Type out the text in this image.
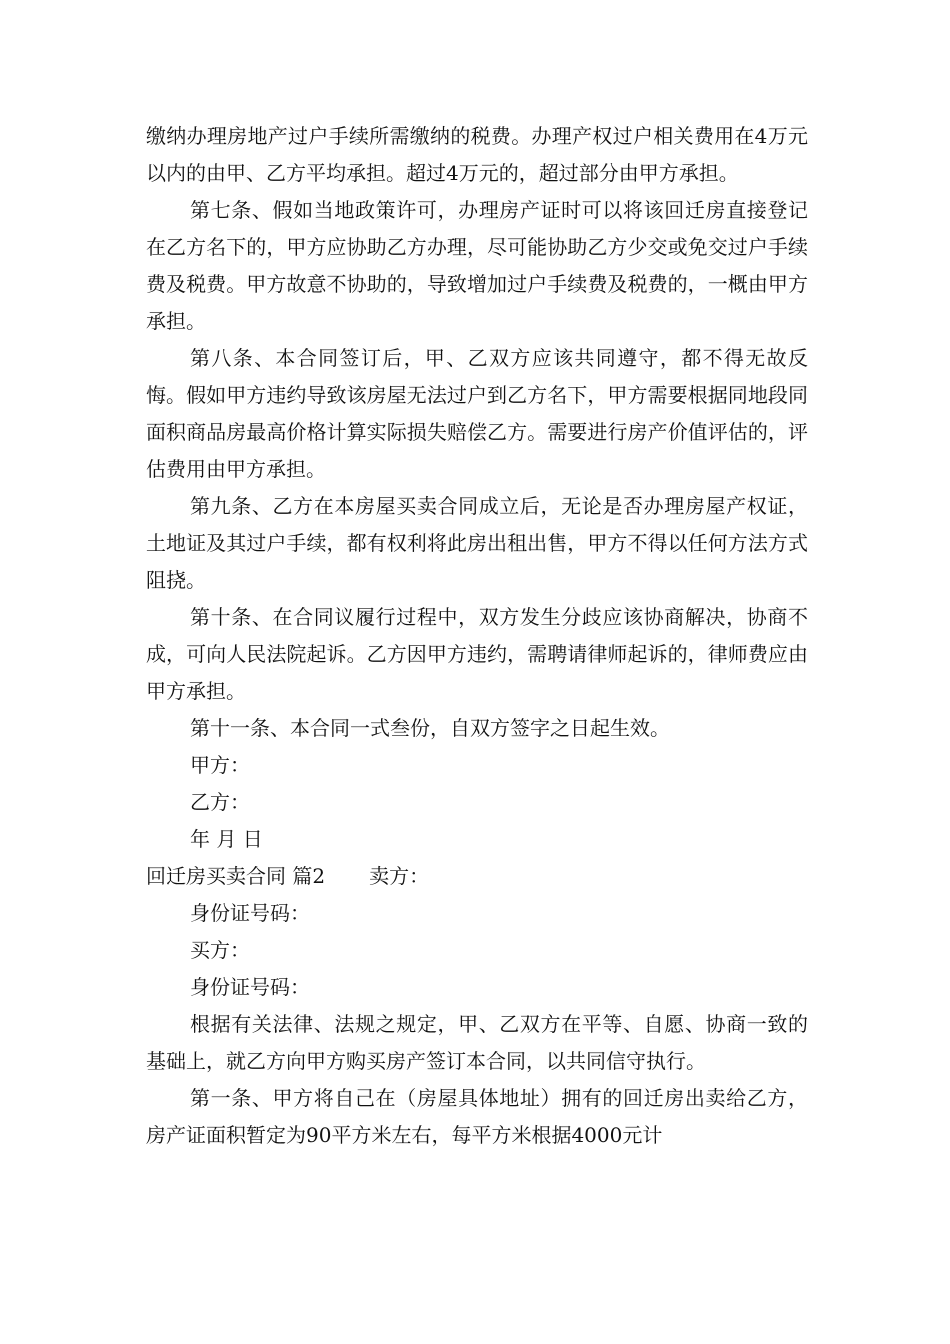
缴纳办理房地产过户手续所需缴纳的税费。办理产权过户相关费用在4万元以内的由甲、乙方平均承担。超过4万元的，超过部分由甲方承担。

第七条、假如当地政策许可，办理房产证时可以将该回迁房直接登记在乙方名下的，甲方应协助乙方办理，尽可能协助乙方少交或免交过户手续费及税费。甲方故意不协助的，导致增加过户手续费及税费的，一概由甲方承担。

第八条、本合同签订后，甲、乙双方应该共同遵守，都不得无故反悔。假如甲方违约导致该房屋无法过户到乙方名下，甲方需要根据同地段同面积商品房最高价格计算实际损失赔偿乙方。需要进行房产价值评估的，评估费用由甲方承担。

第九条、乙方在本房屋买卖合同成立后，无论是否办理房屋产权证，土地证及其过户手续，都有权利将此房出租出售，甲方不得以任何方法方式阻挠。

第十条、在合同议履行过程中，双方发生分歧应该协商解决，协商不成，可向人民法院起诉。乙方因甲方违约，需聘请律师起诉的，律师费应由甲方承担。

第十一条、本合同一式叁份，自双方签字之日起生效。

甲方：

乙方：

年 月 日

回迁房买卖合同 篇2 卖方：

身份证号码：

买方：

身份证号码：

根据有关法律、法规之规定，甲、乙双方在平等、自愿、协商一致的基础上，就乙方向甲方购买房产签订本合同，以共同信守执行。

第一条、甲方将自己在（房屋具体地址）拥有的回迁房出卖给乙方，房产证面积暂定为90平方米左右，每平方米根据4000元计
